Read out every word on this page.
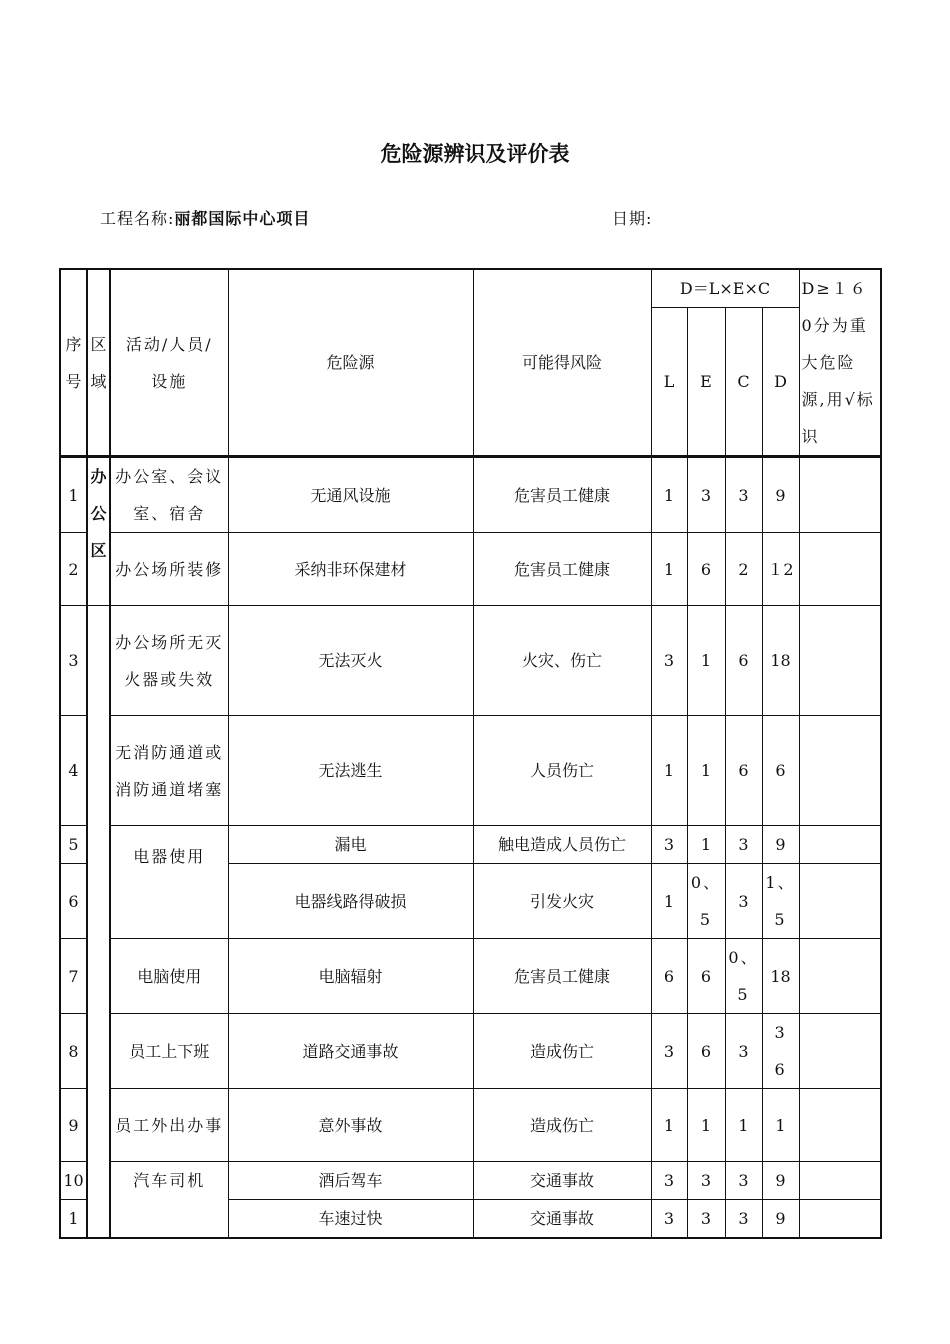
危险源辨识及评价表
工程名称:丽都国际中心项目	日期:
序号	区域	活动/人员/设施	危险源	可能得风险	D＝L×E×C				D≥１６0分为重大危险源,用√标识

					L	E	C	D	
1	办公区	办公室、会议室、宿舍	无通风设施	危害员工健康	1	3	3	9	
2		办公场所装修	采纳非环保建材	危害员工健康	1	6	2	１2	
3		办公场所无灭火器或失效	无法灭火	火灾、伤亡	3	1	6	18	
4		无消防通道或消防通道堵塞	无法逃生	人员伤亡	1	1	6	6	
5		电器使用	漏电	触电造成人员伤亡	3	1	3	9	
6			电器线路得破损	引发火灾	1	0、5	3	1、5	

7		电脑使用	电脑辐射	危害员工健康	6	6	0、5	18	
8		员工上下班	道路交通事故	造成伤亡	3	6	3	36	

9		员工外出办事	意外事故	造成伤亡	1	1	1	1	
10		汽车司机	酒后驾车	交通事故	3	3	3	9	
1			车速过快	交通事故	3	3	3	9	
